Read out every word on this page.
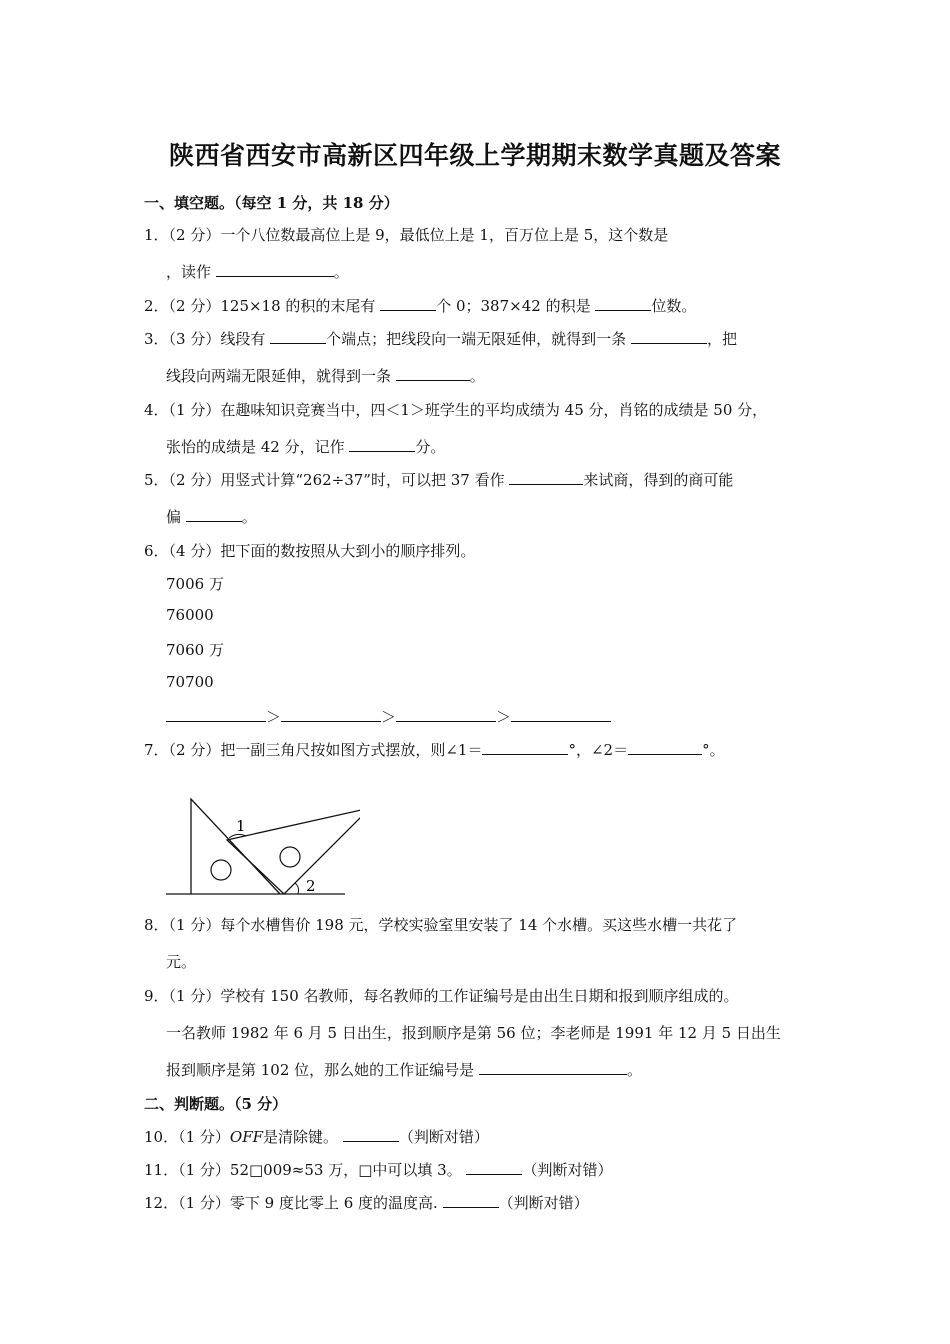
陕西省西安市高新区四年级上学期期末数学真题及答案
一、填空题。（每空 1 分，共 18 分）
1．（2 分）一个八位数最高位上是 9，最低位上是 1，百万位上是 5，这个数是
，读作	。
2．（2 分）125×18 的积的末尾有	个 0；387×42 的积是	位数。
3．（3 分）线段有	个端点；把线段向一端无限延伸，就得到一条	，把
线段向两端无限延伸，就得到一条	。
4．（1 分）在趣味知识竞赛当中，四＜1＞班学生的平均成绩为 45 分，肖铭的成绩是 50 分，
张怡的成绩是 42 分，记作	分。
5．（2 分）用竖式计算“262÷37”时，可以把 37 看作	来试商，得到的商可能
偏	。
6．（4 分）把下面的数按照从大到小的顺序排列。
7006 万
76000
7060 万
70700
＞	＞	＞
7．（2 分）把一副三角尺按如图方式摆放，则∠1＝	°，∠2＝	°。
1
2
8．（1 分）每个水槽售价 198 元，学校实验室里安装了 14 个水槽。买这些水槽一共花了
元。
9．（1 分）学校有 150 名教师，每名教师的工作证编号是由出生日期和报到顺序组成的。
一名教师 1982 年 6 月 5 日出生，报到顺序是第 56 位；李老师是 1991 年 12 月 5 日出生
报到顺序是第 102 位，那么她的工作证编号是	。
二、判断题。（5 分）
10．（1 分）OFF是清除键。	（判断对错）
11．（1 分）52□009≈53 万，□中可以填 3。	（判断对错）
12．（1 分）零下 9 度比零上 6 度的温度高.	（判断对错）
